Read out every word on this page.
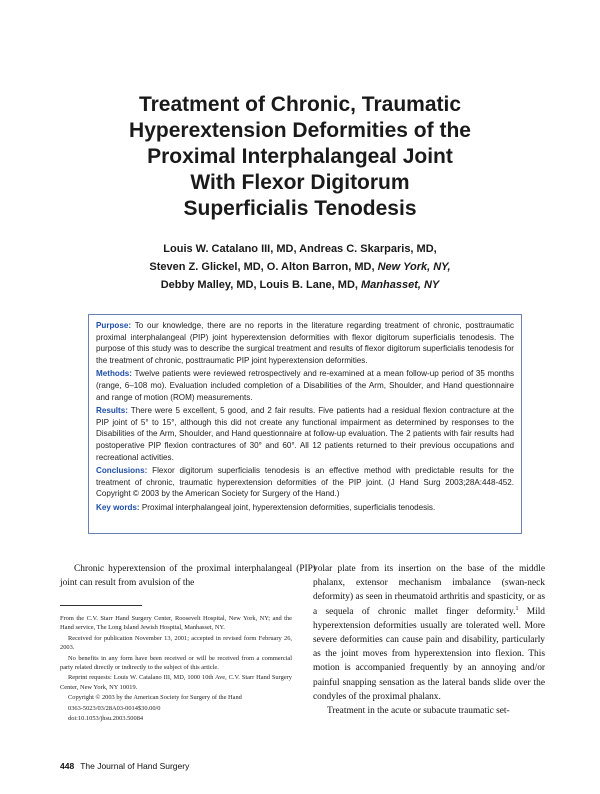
Treatment of Chronic, Traumatic
Hyperextension Deformities of the
Proximal Interphalangeal Joint
With Flexor Digitorum
Superficialis Tenodesis
Louis W. Catalano III, MD, Andreas C. Skarparis, MD,
Steven Z. Glickel, MD, O. Alton Barron, MD, New York, NY,
Debby Malley, MD, Louis B. Lane, MD, Manhasset, NY

Purpose: To our knowledge, there are no reports in the literature regarding treatment of chronic, posttraumatic proximal interphalangeal (PIP) joint hyperextension deformities with flexor digitorum superficialis tenodesis. The purpose of this study was to describe the surgical treatment and results of flexor digitorum superficialis tenodesis for the treatment of chronic, posttraumatic PIP joint hyperextension deformities.

Methods: Twelve patients were reviewed retrospectively and re-examined at a mean follow-up period of 35 months (range, 6–108 mo). Evaluation included completion of a Disabilities of the Arm, Shoulder, and Hand questionnaire and range of motion (ROM) measurements.

Results: There were 5 excellent, 5 good, and 2 fair results. Five patients had a residual flexion contracture at the PIP joint of 5° to 15°, although this did not create any functional impairment as determined by responses to the Disabilities of the Arm, Shoulder, and Hand questionnaire at follow-up evaluation. The 2 patients with fair results had postoperative PIP flexion contractures of 30° and 60°. All 12 patients returned to their previous occupations and recreational activities.

Conclusions: Flexor digitorum superficialis tenodesis is an effective method with predictable results for the treatment of chronic, traumatic hyperextension deformities of the PIP joint. (J Hand Surg 2003;28A:448-452. Copyright © 2003 by the American Society for Surgery of the Hand.)

Key words: Proximal interphalangeal joint, hyperextension deformities, superficialis tenodesis.

Chronic hyperextension of the proximal interphalangeal (PIP) joint can result from avulsion of the

From the C.V. Starr Hand Surgery Center, Roosevelt Hospital, New York, NY; and the Hand service, The Long Island Jewish Hospital, Manhasset, NY.

Received for publication November 13, 2001; accepted in revised form February 26, 2003.

No benefits in any form have been received or will be received from a commercial party related directly or indirectly to the subject of this article.

Reprint requests: Louis W. Catalano III, MD, 1000 10th Ave, C.V. Starr Hand Surgery Center, New York, NY 10019.

Copyright © 2003 by the American Society for Surgery of the Hand

0363-5023/03/28A03-0014$30.00/0

doi:10.1053/jhsu.2003.50084

volar plate from its insertion on the base of the middle phalanx, extensor mechanism imbalance (swan-neck deformity) as seen in rheumatoid arthritis and spasticity, or as a sequela of chronic mallet finger deformity.$^1$ Mild hyperextension deformities usually are tolerated well. More severe deformities can cause pain and disability, particularly as the joint moves from hyperextension into flexion. This motion is accompanied frequently by an annoying and/or painful snapping sensation as the lateral bands slide over the condyles of the proximal phalanx.

Treatment in the acute or subacute traumatic set-

448 The Journal of Hand Surgery
